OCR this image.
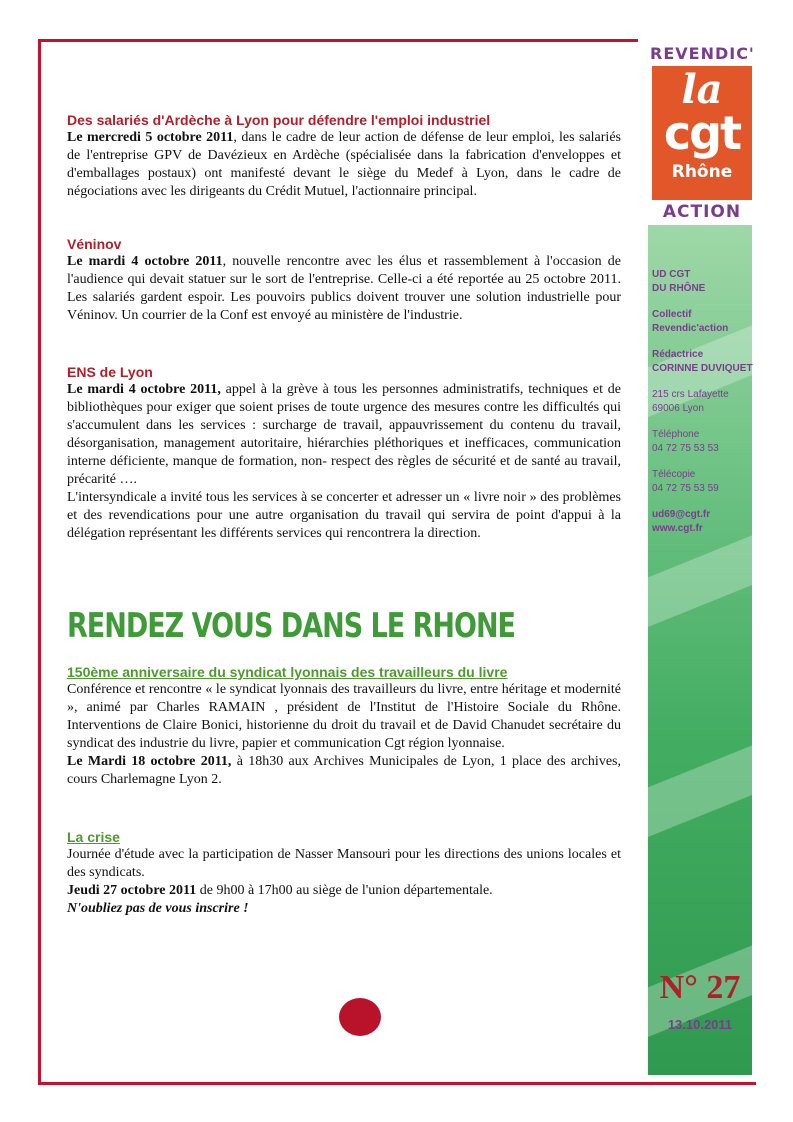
REVENDIC'
la
cgt
Rhône
ACTION
UD CGT
DU RHÔNE
Collectif
Revendic'action
Rédactrice
CORINNE DUVIQUET
215 crs Lafayette
69006 Lyon
Téléphone
04 72 75 53 53
Télécopie
04 72 75 53 59
ud69@cgt.fr
www.cgt.fr
N° 27
13.10.2011
Des salariés d'Ardèche à Lyon pour défendre l'emploi industriel

Le mercredi 5 octobre 2011, dans le cadre de leur action de défense de leur emploi, les salariés de l'entreprise GPV de Davézieux en Ardèche (spécialisée dans la fabrication d'enveloppes et d'emballages postaux) ont manifesté devant le siège du Medef à Lyon, dans le cadre de négociations avec les dirigeants du Crédit Mutuel, l'actionnaire principal.

Véninov

Le mardi 4 octobre 2011, nouvelle rencontre avec les élus et rassemblement à l'occasion de l'audience qui devait statuer sur le sort de l'entreprise. Celle-ci a été reportée au 25 octobre 2011. Les salariés gardent espoir. Les pouvoirs publics doivent trouver une solution industrielle pour Véninov. Un courrier de la Conf est envoyé au ministère de l'industrie.

ENS de Lyon

Le mardi 4 octobre 2011, appel à la grève à tous les personnes administratifs, techniques et de bibliothèques pour exiger que soient prises de toute urgence des mesures contre les difficultés qui s'accumulent dans les services : surcharge de travail, appauvrissement du contenu du travail, désorganisation, management autoritaire, hiérarchies pléthoriques et inefficaces, communication interne déficiente, manque de formation, non- respect des règles de sécurité et de santé au travail, précarité ….

L'intersyndicale a invité tous les services à se concerter et adresser un « livre noir » des problèmes et des revendications pour une autre organisation du travail qui servira de point d'appui à la délégation représentant les différents services qui rencontrera la direction.

RENDEZ VOUS DANS LE RHONE
150ème anniversaire du syndicat lyonnais des travailleurs du livre

Conférence et rencontre « le syndicat lyonnais des travailleurs du livre, entre héritage et modernité », animé par Charles RAMAIN , président de l'Institut de l'Histoire Sociale du Rhône. Interventions de Claire Bonici, historienne du droit du travail et de David Chanudet secrétaire du syndicat des industrie du livre, papier et communication Cgt région lyonnaise.

Le Mardi 18 octobre 2011, à 18h30 aux Archives Municipales de Lyon, 1 place des archives, cours Charlemagne Lyon 2.

La crise

Journée d'étude avec la participation de Nasser Mansouri pour les directions des unions locales et des syndicats.

Jeudi 27 octobre 2011 de 9h00 à 17h00 au siège de l'union départementale.

N'oubliez pas de vous inscrire !
